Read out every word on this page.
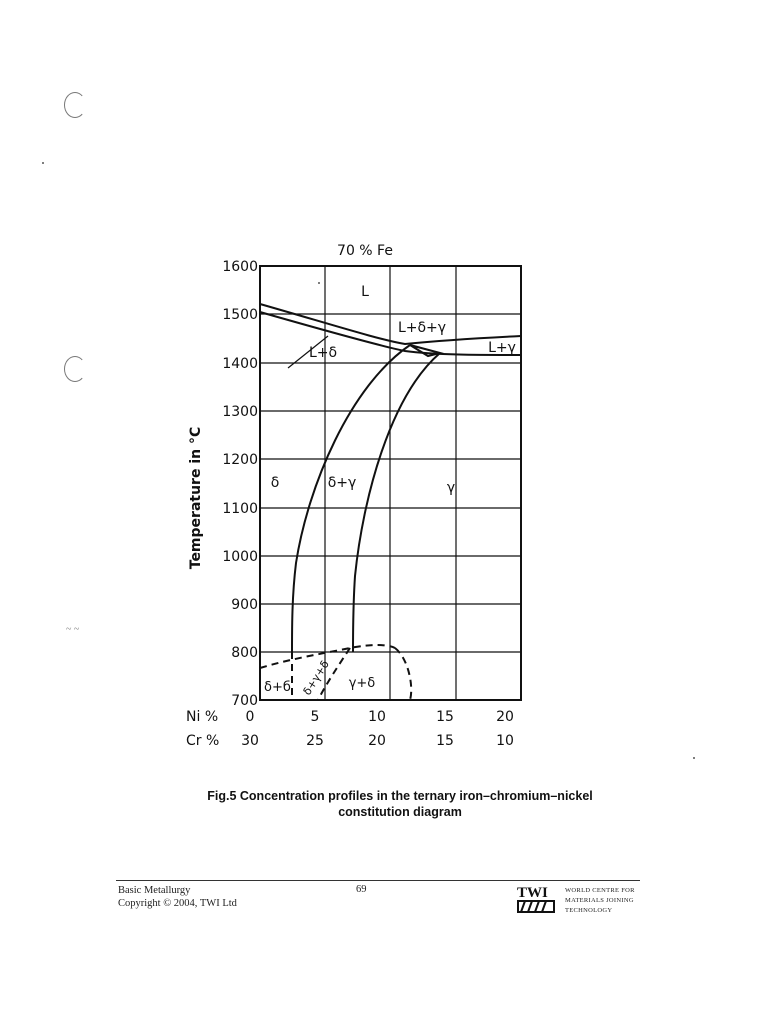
~ ~
70 % Fe
1600
1500
1400
1300
1200
1100
1000
900
800
700
Temperature in °C
Ni % 0	5	10	15	20
Cr % 30	25	20	15	10
L
L+δ+γ
L+δ	L+γ
δ	δ+γ	γ
δ+б	γ+δ
δ+γ+δ
Fig.5 Concentration profiles in the ternary iron–chromium–nickel
constitution diagram
Basic Metallurgy
Copyright © 2004, TWI Ltd
69	TWI	WORLD CENTRE FOR
MATERIALS JOINING
TECHNOLOGY
